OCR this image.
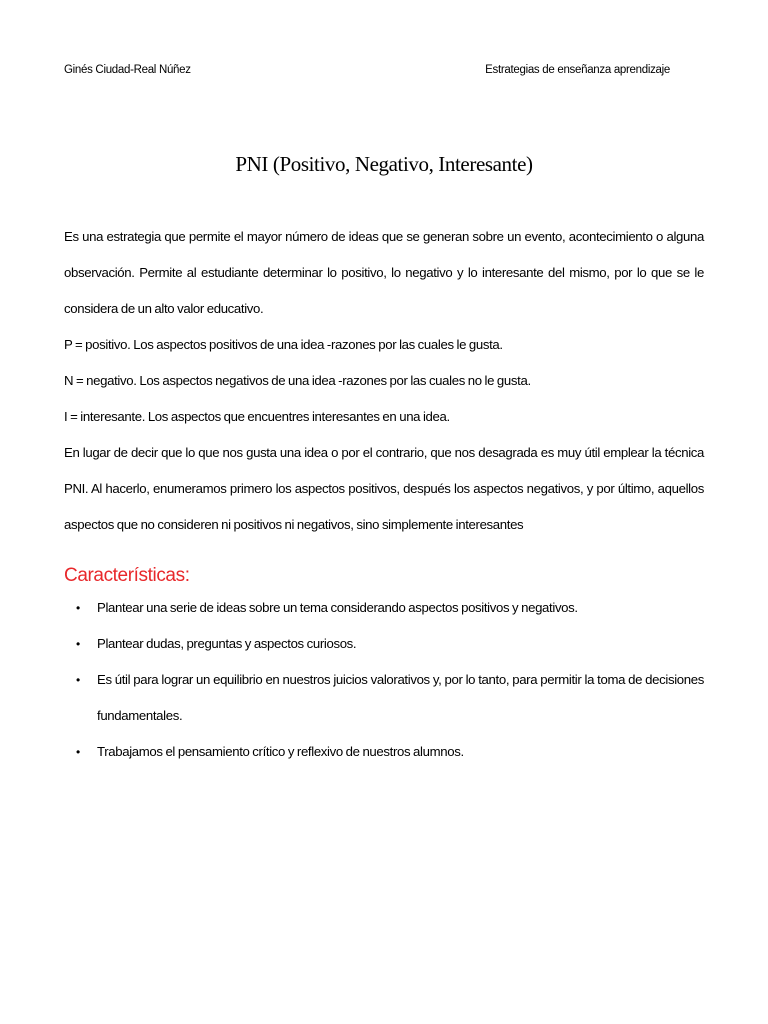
Ginés Ciudad-Real Núñez	Estrategias de enseñanza aprendizaje
PNI (Positivo, Negativo, Interesante)

Es una estrategia que permite el mayor número de ideas que se generan sobre un evento, acontecimiento o alguna observación. Permite al estudiante determinar lo positivo, lo negativo y lo interesante del mismo, por lo que se le considera de un alto valor educativo.

P = positivo. Los aspectos positivos de una idea -razones por las cuales le gusta.

N = negativo. Los aspectos negativos de una idea -razones por las cuales no le gusta.

I = interesante. Los aspectos que encuentres interesantes en una idea.

En lugar de decir que lo que nos gusta una idea o por el contrario, que nos desagrada es muy útil emplear la técnica PNI. Al hacerlo, enumeramos primero los aspectos positivos, después los aspectos negativos, y por último, aquellos aspectos que no consideren ni positivos ni negativos, sino simplemente interesantes

Características:
• Plantear una serie de ideas sobre un tema considerando aspectos positivos y negativos.
• Plantear dudas, preguntas y aspectos curiosos.
• Es útil para lograr un equilibrio en nuestros juicios valorativos y, por lo tanto, para permitir la toma de decisiones fundamentales.
• Trabajamos el pensamiento crítico y reflexivo de nuestros alumnos.
